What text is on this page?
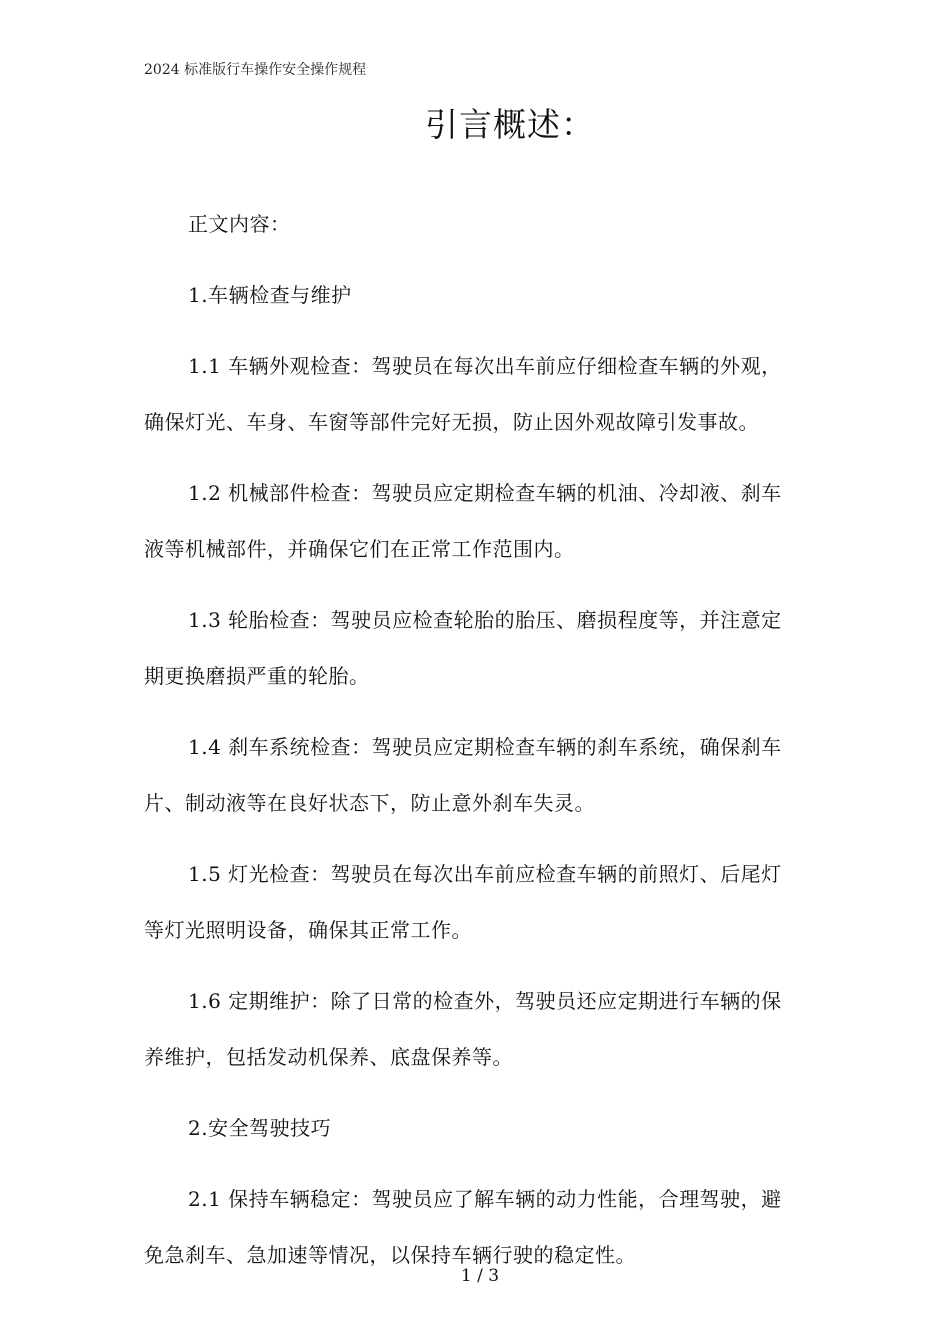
2024 标准版行车操作安全操作规程
引言概述：

正文内容：

1.车辆检查与维护

1.1 车辆外观检查：驾驶员在每次出车前应仔细检查车辆的外观，确保灯光、车身、车窗等部件完好无损，防止因外观故障引发事故。

1.2 机械部件检查：驾驶员应定期检查车辆的机油、冷却液、刹车液等机械部件，并确保它们在正常工作范围内。

1.3 轮胎检查：驾驶员应检查轮胎的胎压、磨损程度等，并注意定期更换磨损严重的轮胎。

1.4 刹车系统检查：驾驶员应定期检查车辆的刹车系统，确保刹车片、制动液等在良好状态下，防止意外刹车失灵。

1.5 灯光检查：驾驶员在每次出车前应检查车辆的前照灯、后尾灯等灯光照明设备，确保其正常工作。

1.6 定期维护：除了日常的检查外，驾驶员还应定期进行车辆的保养维护，包括发动机保养、底盘保养等。

2.安全驾驶技巧

2.1 保持车辆稳定：驾驶员应了解车辆的动力性能，合理驾驶，避免急刹车、急加速等情况，以保持车辆行驶的稳定性。

1 / 3
